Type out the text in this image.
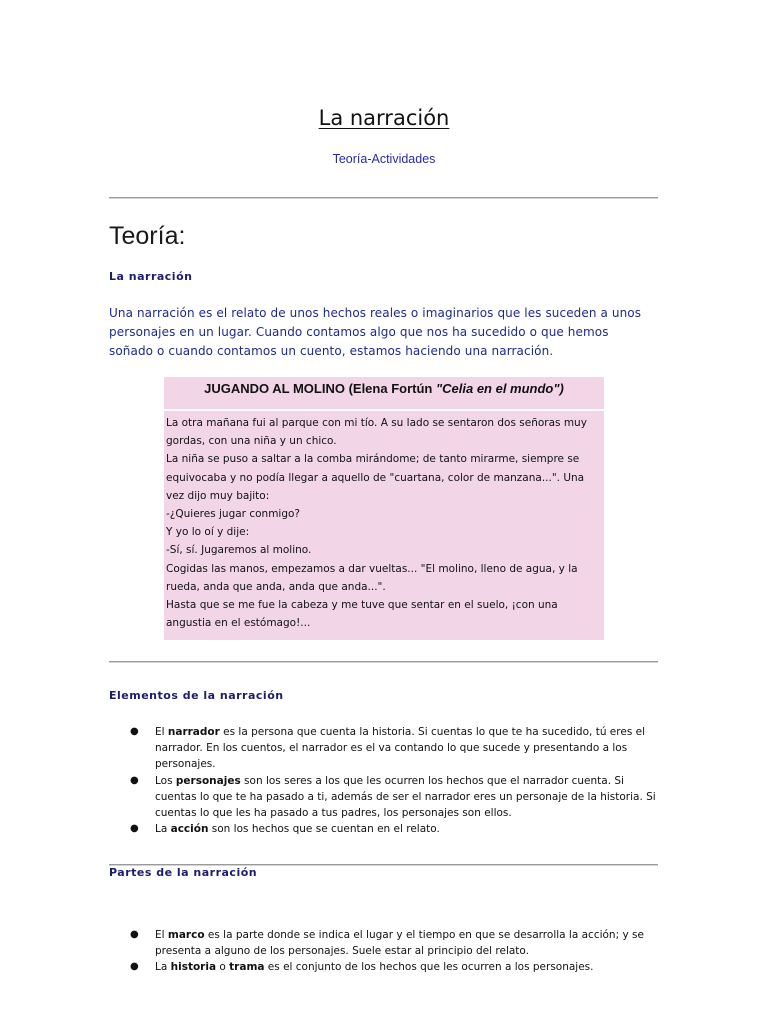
La narración
Teoría-Actividades
Teoría:
La narración
Una narración es el relato de unos hechos reales o imaginarios que les suceden a unos personajes en un lugar. Cuando contamos algo que nos ha sucedido o que hemos soñado o cuando contamos un cuento, estamos haciendo una narración.
JUGANDO AL MOLINO (Elena Fortún "Celia en el mundo")

La otra mañana fui al parque con mi tío. A su lado se sentaron dos señoras muy gordas, con una niña y un chico.

La niña se puso a saltar a la comba mirándome; de tanto mirarme, siempre se equivocaba y no podía llegar a aquello de "cuartana, color de manzana...". Una vez dijo muy bajito:

-¿Quieres jugar conmigo?

Y yo lo oí y dije:

-Sí, sí. Jugaremos al molino.

Cogidas las manos, empezamos a dar vueltas... "El molino, lleno de agua, y la rueda, anda que anda, anda que anda...".

Hasta que se me fue la cabeza y me tuve que sentar en el suelo, ¡con una angustia en el estómago!...

Elementos de la narración
● El narrador es la persona que cuenta la historia. Si cuentas lo que te ha sucedido, tú eres el narrador. En los cuentos, el narrador es el va contando lo que sucede y presentando a los personajes.
● Los personajes son los seres a los que les ocurren los hechos que el narrador cuenta. Si cuentas lo que te ha pasado a ti, además de ser el narrador eres un personaje de la historia. Si cuentas lo que les ha pasado a tus padres, los personajes son ellos.
● La acción son los hechos que se cuentan en el relato.
Partes de la narración
● El marco es la parte donde se indica el lugar y el tiempo en que se desarrolla la acción; y se presenta a alguno de los personajes. Suele estar al principio del relato.
● La historia o trama es el conjunto de los hechos que les ocurren a los personajes.
